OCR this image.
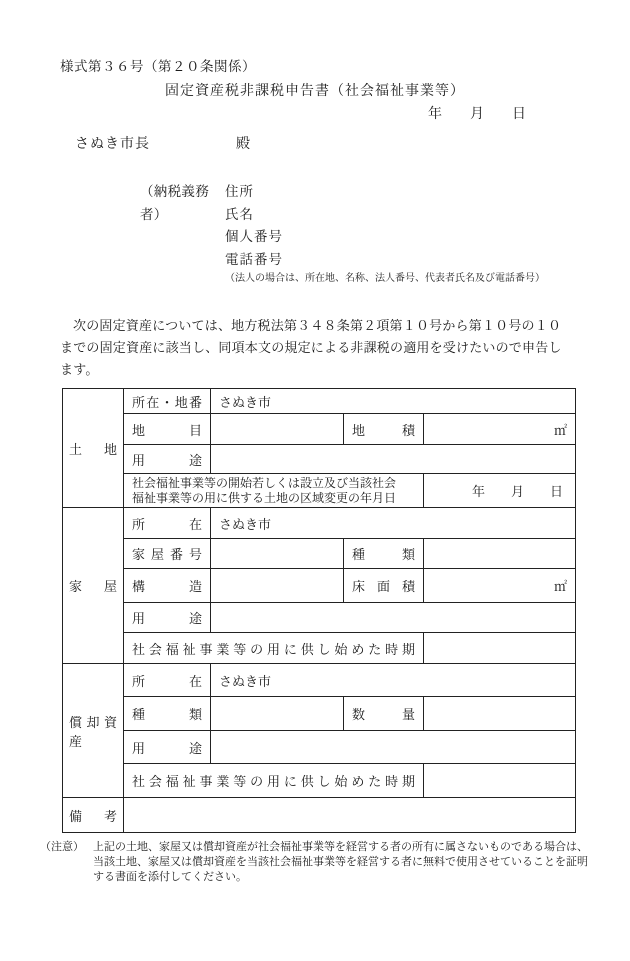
様式第３６号（第２０条関係）
固定資産税非課税申告書（社会福祉事業等）
年　　月　　日
さぬき市長	殿
（納税義務者）
住所
氏名
個人番号
電話番号
（法人の場合は、所在地、名称、法人番号、代表者氏名及び電話番号）

次の固定資産については、地方税法第３４８条第２項第１０号から第１０号の１０までの固定資産に該当し、同項本文の規定による非課税の適用を受けたいので申告します。

土地	所在・地番	さぬき市		
	地目		地積	㎡
	用途			
	社会福祉事業等の開始若しくは設立及び当該社会福祉事業等の用に供する土地の区域変更の年月日			年　　月　　日
家屋	所在	さぬき市		
	家屋番号		種類	
	構造		床面積	㎡
	用途			
	社会福祉事業等の用に供し始めた時期			
償却資産	所在	さぬき市		
	種類		数量	
	用途			
	社会福祉事業等の用に供し始めた時期			
備考				
（注意） 上記の土地、家屋又は償却資産が社会福祉事業等を経営する者の所有に属さないものである場合は、当該土地、家屋又は償却資産を当該社会福祉事業等を経営する者に無料で使用させていることを証明する書面を添付してください。
